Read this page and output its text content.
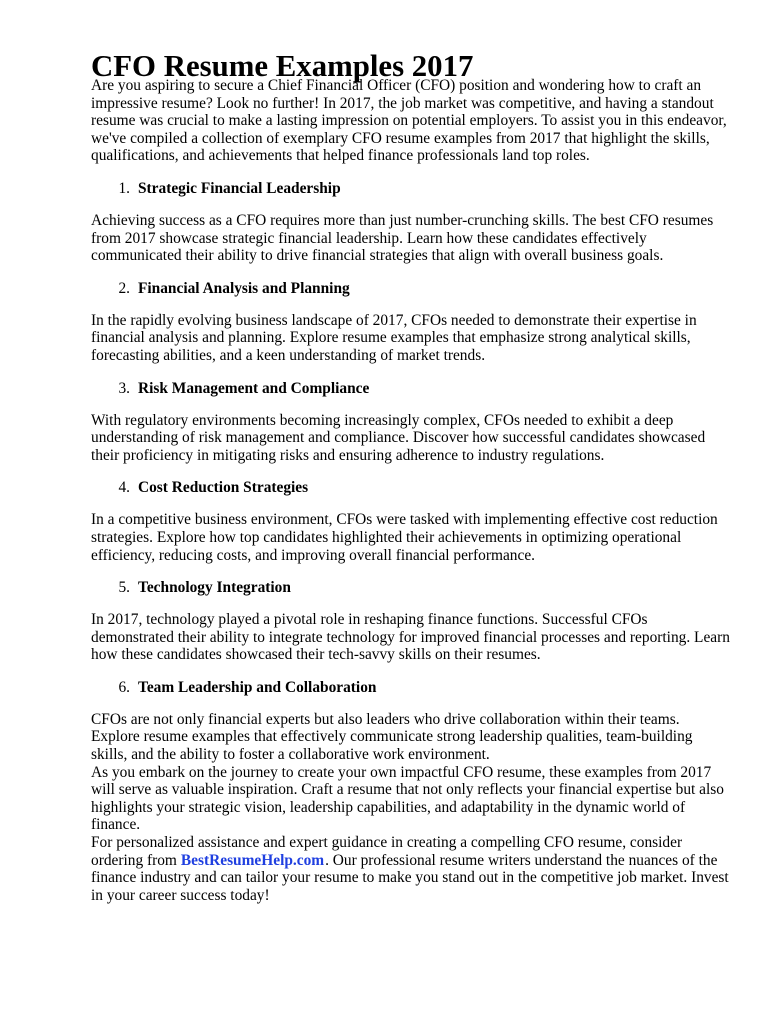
CFO Resume Examples 2017

Are you aspiring to secure a Chief Financial Officer (CFO) position and wondering how to craft an impressive resume? Look no further! In 2017, the job market was competitive, and having a standout resume was crucial to make a lasting impression on potential employers. To assist you in this endeavor, we've compiled a collection of exemplary CFO resume examples from 2017 that highlight the skills, qualifications, and achievements that helped finance professionals land top roles.

1. Strategic Financial Leadership

Achieving success as a CFO requires more than just number-crunching skills. The best CFO resumes from 2017 showcase strategic financial leadership. Learn how these candidates effectively communicated their ability to drive financial strategies that align with overall business goals.

2. Financial Analysis and Planning

In the rapidly evolving business landscape of 2017, CFOs needed to demonstrate their expertise in financial analysis and planning. Explore resume examples that emphasize strong analytical skills, forecasting abilities, and a keen understanding of market trends.

3. Risk Management and Compliance

With regulatory environments becoming increasingly complex, CFOs needed to exhibit a deep understanding of risk management and compliance. Discover how successful candidates showcased their proficiency in mitigating risks and ensuring adherence to industry regulations.

4. Cost Reduction Strategies

In a competitive business environment, CFOs were tasked with implementing effective cost reduction strategies. Explore how top candidates highlighted their achievements in optimizing operational efficiency, reducing costs, and improving overall financial performance.

5. Technology Integration

In 2017, technology played a pivotal role in reshaping finance functions. Successful CFOs demonstrated their ability to integrate technology for improved financial processes and reporting. Learn how these candidates showcased their tech-savvy skills on their resumes.

6. Team Leadership and Collaboration

CFOs are not only financial experts but also leaders who drive collaboration within their teams. Explore resume examples that effectively communicate strong leadership qualities, team-building skills, and the ability to foster a collaborative work environment.

As you embark on the journey to create your own impactful CFO resume, these examples from 2017 will serve as valuable inspiration. Craft a resume that not only reflects your financial expertise but also highlights your strategic vision, leadership capabilities, and adaptability in the dynamic world of finance.

For personalized assistance and expert guidance in creating a compelling CFO resume, consider ordering from BestResumeHelp.com. Our professional resume writers understand the nuances of the finance industry and can tailor your resume to make you stand out in the competitive job market. Invest in your career success today!
